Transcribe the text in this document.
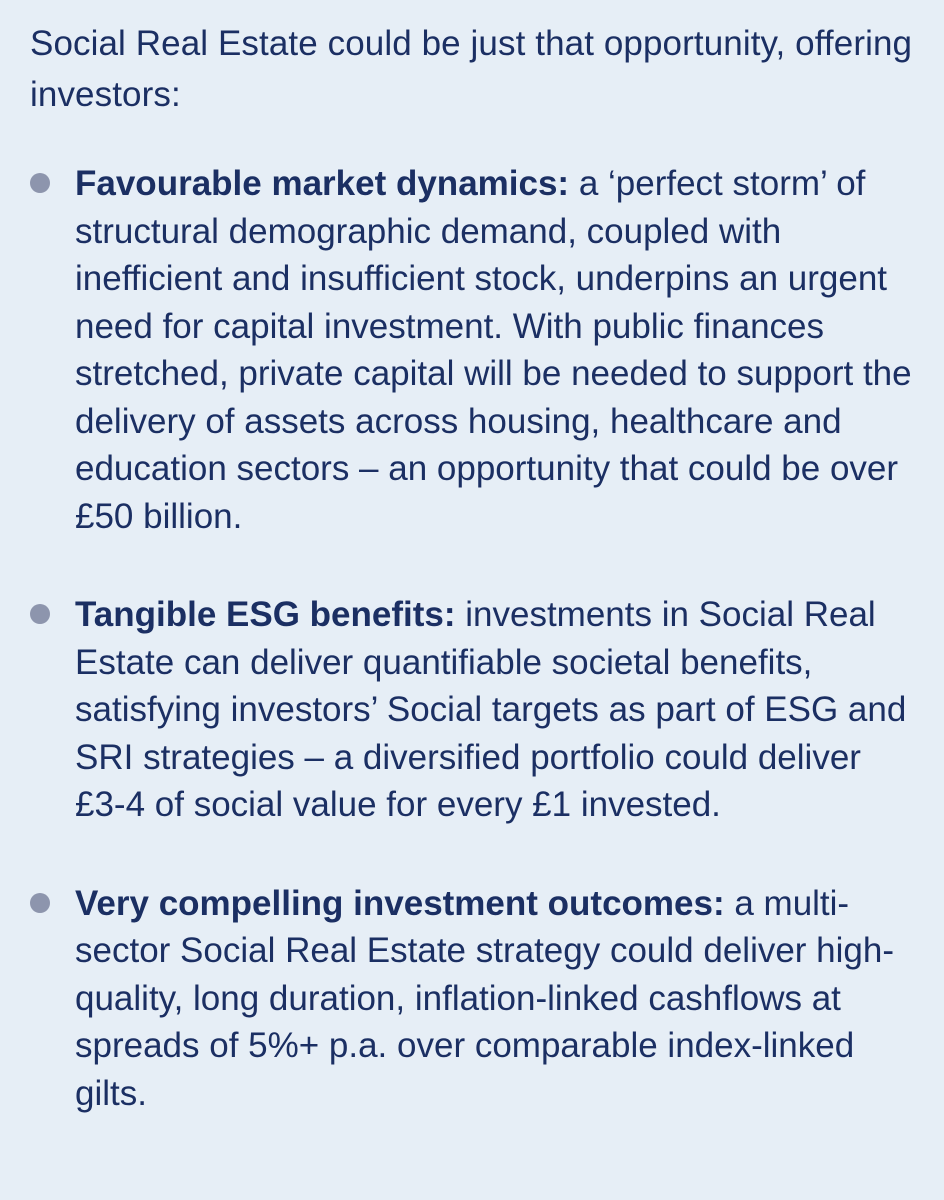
Social Real Estate could be just that opportunity, offering investors:

Favourable market dynamics: a ‘perfect storm’ of structural demographic demand, coupled with inefficient and insufficient stock, underpins an urgent need for capital investment. With public finances stretched, private capital will be needed to support the delivery of assets across housing, healthcare and education sectors – an opportunity that could be over £50 billion.
Tangible ESG benefits: investments in Social Real Estate can deliver quantifiable societal benefits, satisfying investors’ Social targets as part of ESG and SRI strategies – a diversified portfolio could deliver £3-4 of social value for every £1 invested.
Very compelling investment outcomes: a multi-sector Social Real Estate strategy could deliver high-quality, long duration, inflation-linked cashflows at spreads of 5%+ p.a. over comparable index-linked gilts.
